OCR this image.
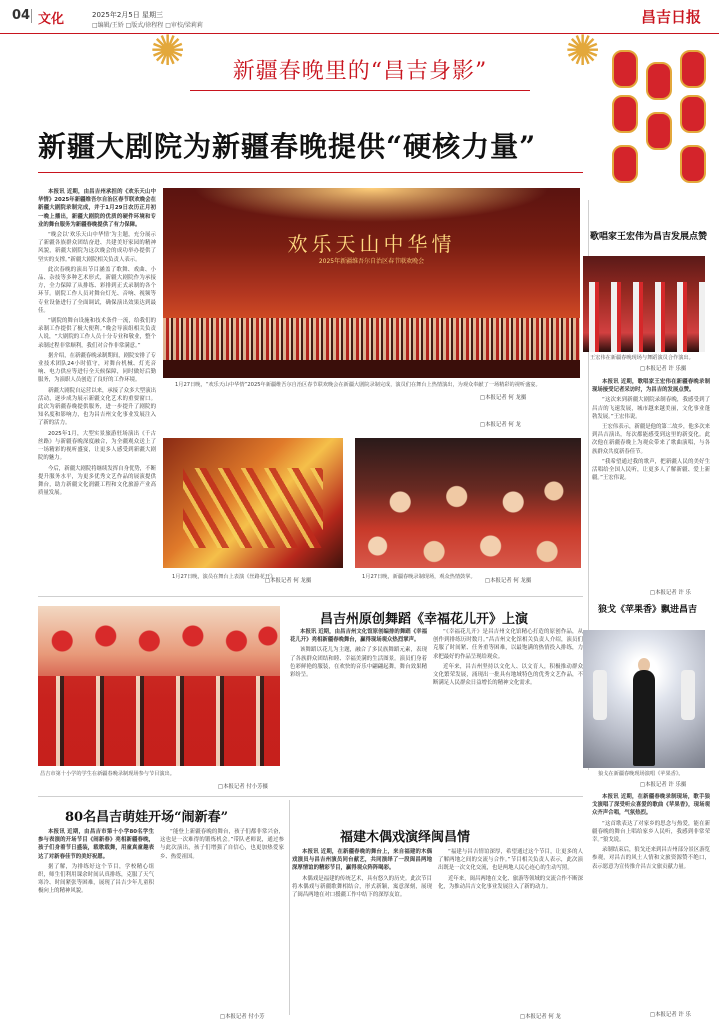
04 文化	2025年2月5日 星期三
□编辑/王娇 □版式/徐程程 □审校/梁莉莉	昌吉日报
✺	✺
新疆春晚里的“昌吉身影”
新疆大剧院为新疆春晚提供“硬核力量”

本报讯 近期，由昌吉州承担的《欢乐天山中华情》2025年新疆维吾尔自治区春节联欢晚会在新疆大剧院录制完成，并于1月29日农历正月初一晚上播出，新疆大剧院的优质的硬件环境和专业的舞台服务为新疆春晚提供了有力保障。

“晚会以‘欢乐天山中华情’为主题，充分展示了新疆各族群众团结奋进、共建美好家园的精神风貌，新疆大剧院为这次晚会的成功举办提供了坚实的支撑。”新疆大剧院相关负责人表示。

此次春晚的演出节目涵盖了歌舞、戏曲、小品、杂技等多种艺术形式，新疆大剧院作为承接方，全力保障了从排练、彩排到正式录制的各个环节。剧院工作人员对舞台灯光、音响、视频等专业设备进行了全面调试，确保演出效果达到最佳。

“剧院的舞台设施和技术条件一流，给我们的录制工作提供了极大便利。”晚会导演组相关负责人说，“大剧院的工作人员十分专业和敬业，整个录制过程非常顺利，我们对合作非常满意。”

据介绍，在新疆春晚录制期间，剧院安排了专业技术团队24小时值守，对舞台机械、灯光音响、电力供应等进行全天候保障，同时做好后勤服务，为演职人员创造了良好的工作环境。

新疆大剧院自运营以来，承接了众多大型演出活动，逐步成为展示新疆文化艺术的重要窗口。此次为新疆春晚提供服务，进一步提升了剧院的知名度和影响力，也为昌吉州文化事业发展注入了新的活力。

2025年1月，大型实景旅游驻场演出《千古丝路》与新疆春晚深度融合，为全疆观众送上了一场精彩的视听盛宴，让更多人感受到新疆大剧院的魅力。

今后，新疆大剧院将继续发挥自身优势，不断提升服务水平，为更多优秀文艺作品的展演提供舞台，助力新疆文化润疆工程和文化旅游产业高质量发展。

欢乐天山中华情
2025年新疆维吾尔自治区春节联欢晚会
1月27日晚，“欢乐天山中华情”2025年新疆维吾尔自治区春节联欢晚会在新疆大剧院录制完成，演员们在舞台上热情演出，为观众奉献了一场精彩的视听盛宴。
□本报记者 何 龙摄
1月27日晚，演员在舞台上表演《丝路花开》。
□本报记者 何 龙摄
1月27日晚，新疆春晚录制现场，观众热情鼓掌。
□本报记者 何 龙摄
歌唱家王宏伟为昌吉发展点赞
王宏伟在新疆春晚现场与舞蹈演员合作演出。
□本报记者 许 乐摄

本报讯 近期，歌唱家王宏伟在新疆春晚录制现场接受记者采访时，为昌吉的发展点赞。

“这次来到新疆大剧院录制春晚，我感受到了昌吉的飞速发展，城市越来越美丽，文化事业蓬勃发展。”王宏伟说。

王宏伟表示，新疆是他的第二故乡，他多次来到昌吉演出，每次都能感受到这里的新变化。此次他在新疆春晚上为观众带来了歌曲演唱，与各族群众共度新春佳节。

“我希望通过我的歌声，把新疆人民的美好生活唱给全国人民听，让更多人了解新疆、爱上新疆。”王宏伟说。

□本报记者 许 乐
狼戈《苹果香》飘进昌吉
狼戈在新疆春晚现场演唱《苹果香》。
□本报记者 许 乐摄

本报讯 近期，在新疆春晚录制现场，歌手狼戈演唱了深受听众喜爱的歌曲《苹果香》，现场观众齐声合唱，气氛热烈。

“这首歌表达了对家乡的思念与热爱，能在新疆春晚的舞台上唱给家乡人民听，我感到非常荣幸。”狼戈说。

录制结束后，狼戈还来到昌吉州部分景区游览参观，对昌吉的风土人情和文旅资源赞不绝口，表示愿意为宣传推介昌吉文旅贡献力量。

□本报记者 许 乐
昌吉州原创舞蹈《幸福花儿开》上演

本报讯 近期，由昌吉州文化馆原创编排的舞蹈《幸福花儿开》亮相新疆春晚舞台，赢得现场观众热烈掌声。

该舞蹈以花儿为主题，融合了多民族舞蹈元素，表现了各族群众团结和睦、幸福美满的生活图景。演员们身着色彩鲜艳的服装，在欢快的音乐中翩翩起舞，舞台效果精彩纷呈。

“《幸福花儿开》是昌吉州文化馆精心打造的原创作品，从创作到排练历时数月。”昌吉州文化馆相关负责人介绍，演员们克服了时间紧、任务重等困难，以最饱满的热情投入排练，力求把最好的作品呈现给观众。

近年来，昌吉州坚持以文化人、以文育人，积极推动群众文化繁荣发展，涌现出一批具有地域特色的优秀文艺作品，不断满足人民群众日益增长的精神文化需求。

昌吉市第十小学的学生在新疆春晚录制现场参与节目演出。
□本报记者 付小芳摄
80名昌吉萌娃开场“闹新春”

本报讯 近期，由昌吉市第十小学80名学生参与表演的开场节目《闹新春》亮相新疆春晚，孩子们身着节日盛装，载歌载舞，用童真童趣表达了对新春佳节的美好祝愿。

据了解，为排练好这个节目，学校精心组织，师生们利用课余时间认真排练，克服了天气寒冷、时间紧张等困难，展现了昌吉少年儿童积极向上的精神风貌。

“能登上新疆春晚的舞台，孩子们都非常兴奋，这也是一次难得的锻炼机会。”带队老师说，通过参与此次演出，孩子们增强了自信心，也更加热爱家乡、热爱祖国。

□本报记者 付小芳
福建木偶戏演绎闽昌情

本报讯 近期，在新疆春晚的舞台上，来自福建的木偶戏演员与昌吉州演员同台献艺，共同演绎了一段闽昌两地深厚情谊的精彩节目，赢得观众阵阵喝彩。

木偶戏是福建的传统艺术，具有悠久的历史。此次节目将木偶戏与新疆歌舞相结合，形式新颖，寓意深刻，展现了闽昌两地在对口援疆工作中结下的深厚友谊。

“福建与昌吉情谊深厚，希望通过这个节目，让更多的人了解两地之间的交流与合作。”节目相关负责人表示，此次演出既是一次文化交流，也是两地人民心连心的生动写照。

近年来，闽昌两地在文化、旅游等领域的交流合作不断深化，为推动昌吉文化事业发展注入了新的动力。

□本报记者 何 龙
□本报记者 何 龙
